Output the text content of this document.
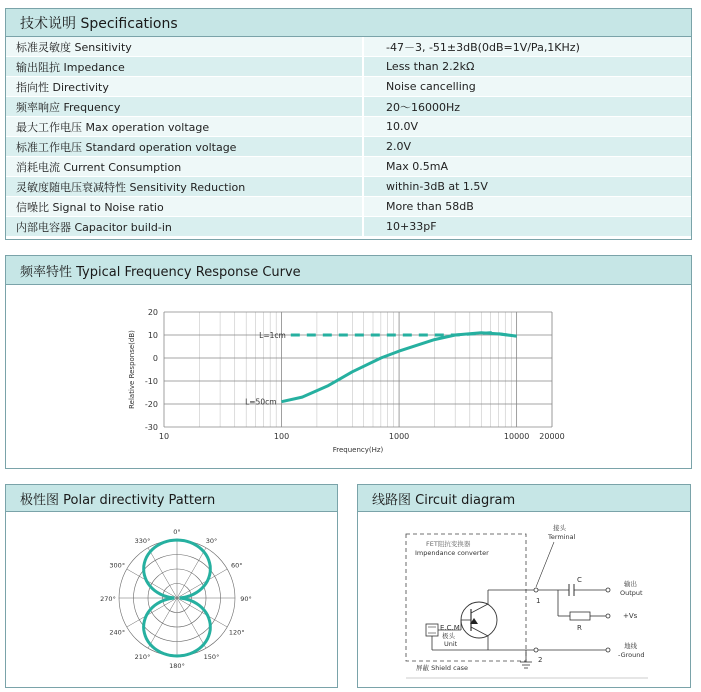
技术说明 Specifications
标准灵敏度 Sensitivity	-47－3, -51±3dB(0dB=1V/Pa,1KHz)
输出阻抗 Impedance	Less than 2.2kΩ
指向性 Directivity	Noise cancelling
频率响应 Frequency	20～16000Hz
最大工作电压 Max operation voltage	10.0V
标准工作电压 Standard operation voltage	2.0V
消耗电流 Current Consumption	Max 0.5mA
灵敏度随电压衰减特性 Sensitivity Reduction	within-3dB at 1.5V
信噪比 Signal to Noise ratio	More than 58dB
内部电容器 Capacitor build-in	10+33pF
频率特性 Typical Frequency Response Curve
20
10
0
-10
-20
-30
10	100	1000	10000 20000
Frequency(Hz)
Relative Response(dB)	L=1cm
L=50cm
极性图 Polar directivity Pattern
0°
30°
60°
90°
120°
150°
180°
210°
240°
270°
300°
330°
线路图 Circuit diagram
FET阻抗变换器
Impendance converter
E.C.M
极头
Unit
接头
Terminal
1
2
C	输出
Output
R
+Vs
地线
-Ground
屏蔽 Shield case
